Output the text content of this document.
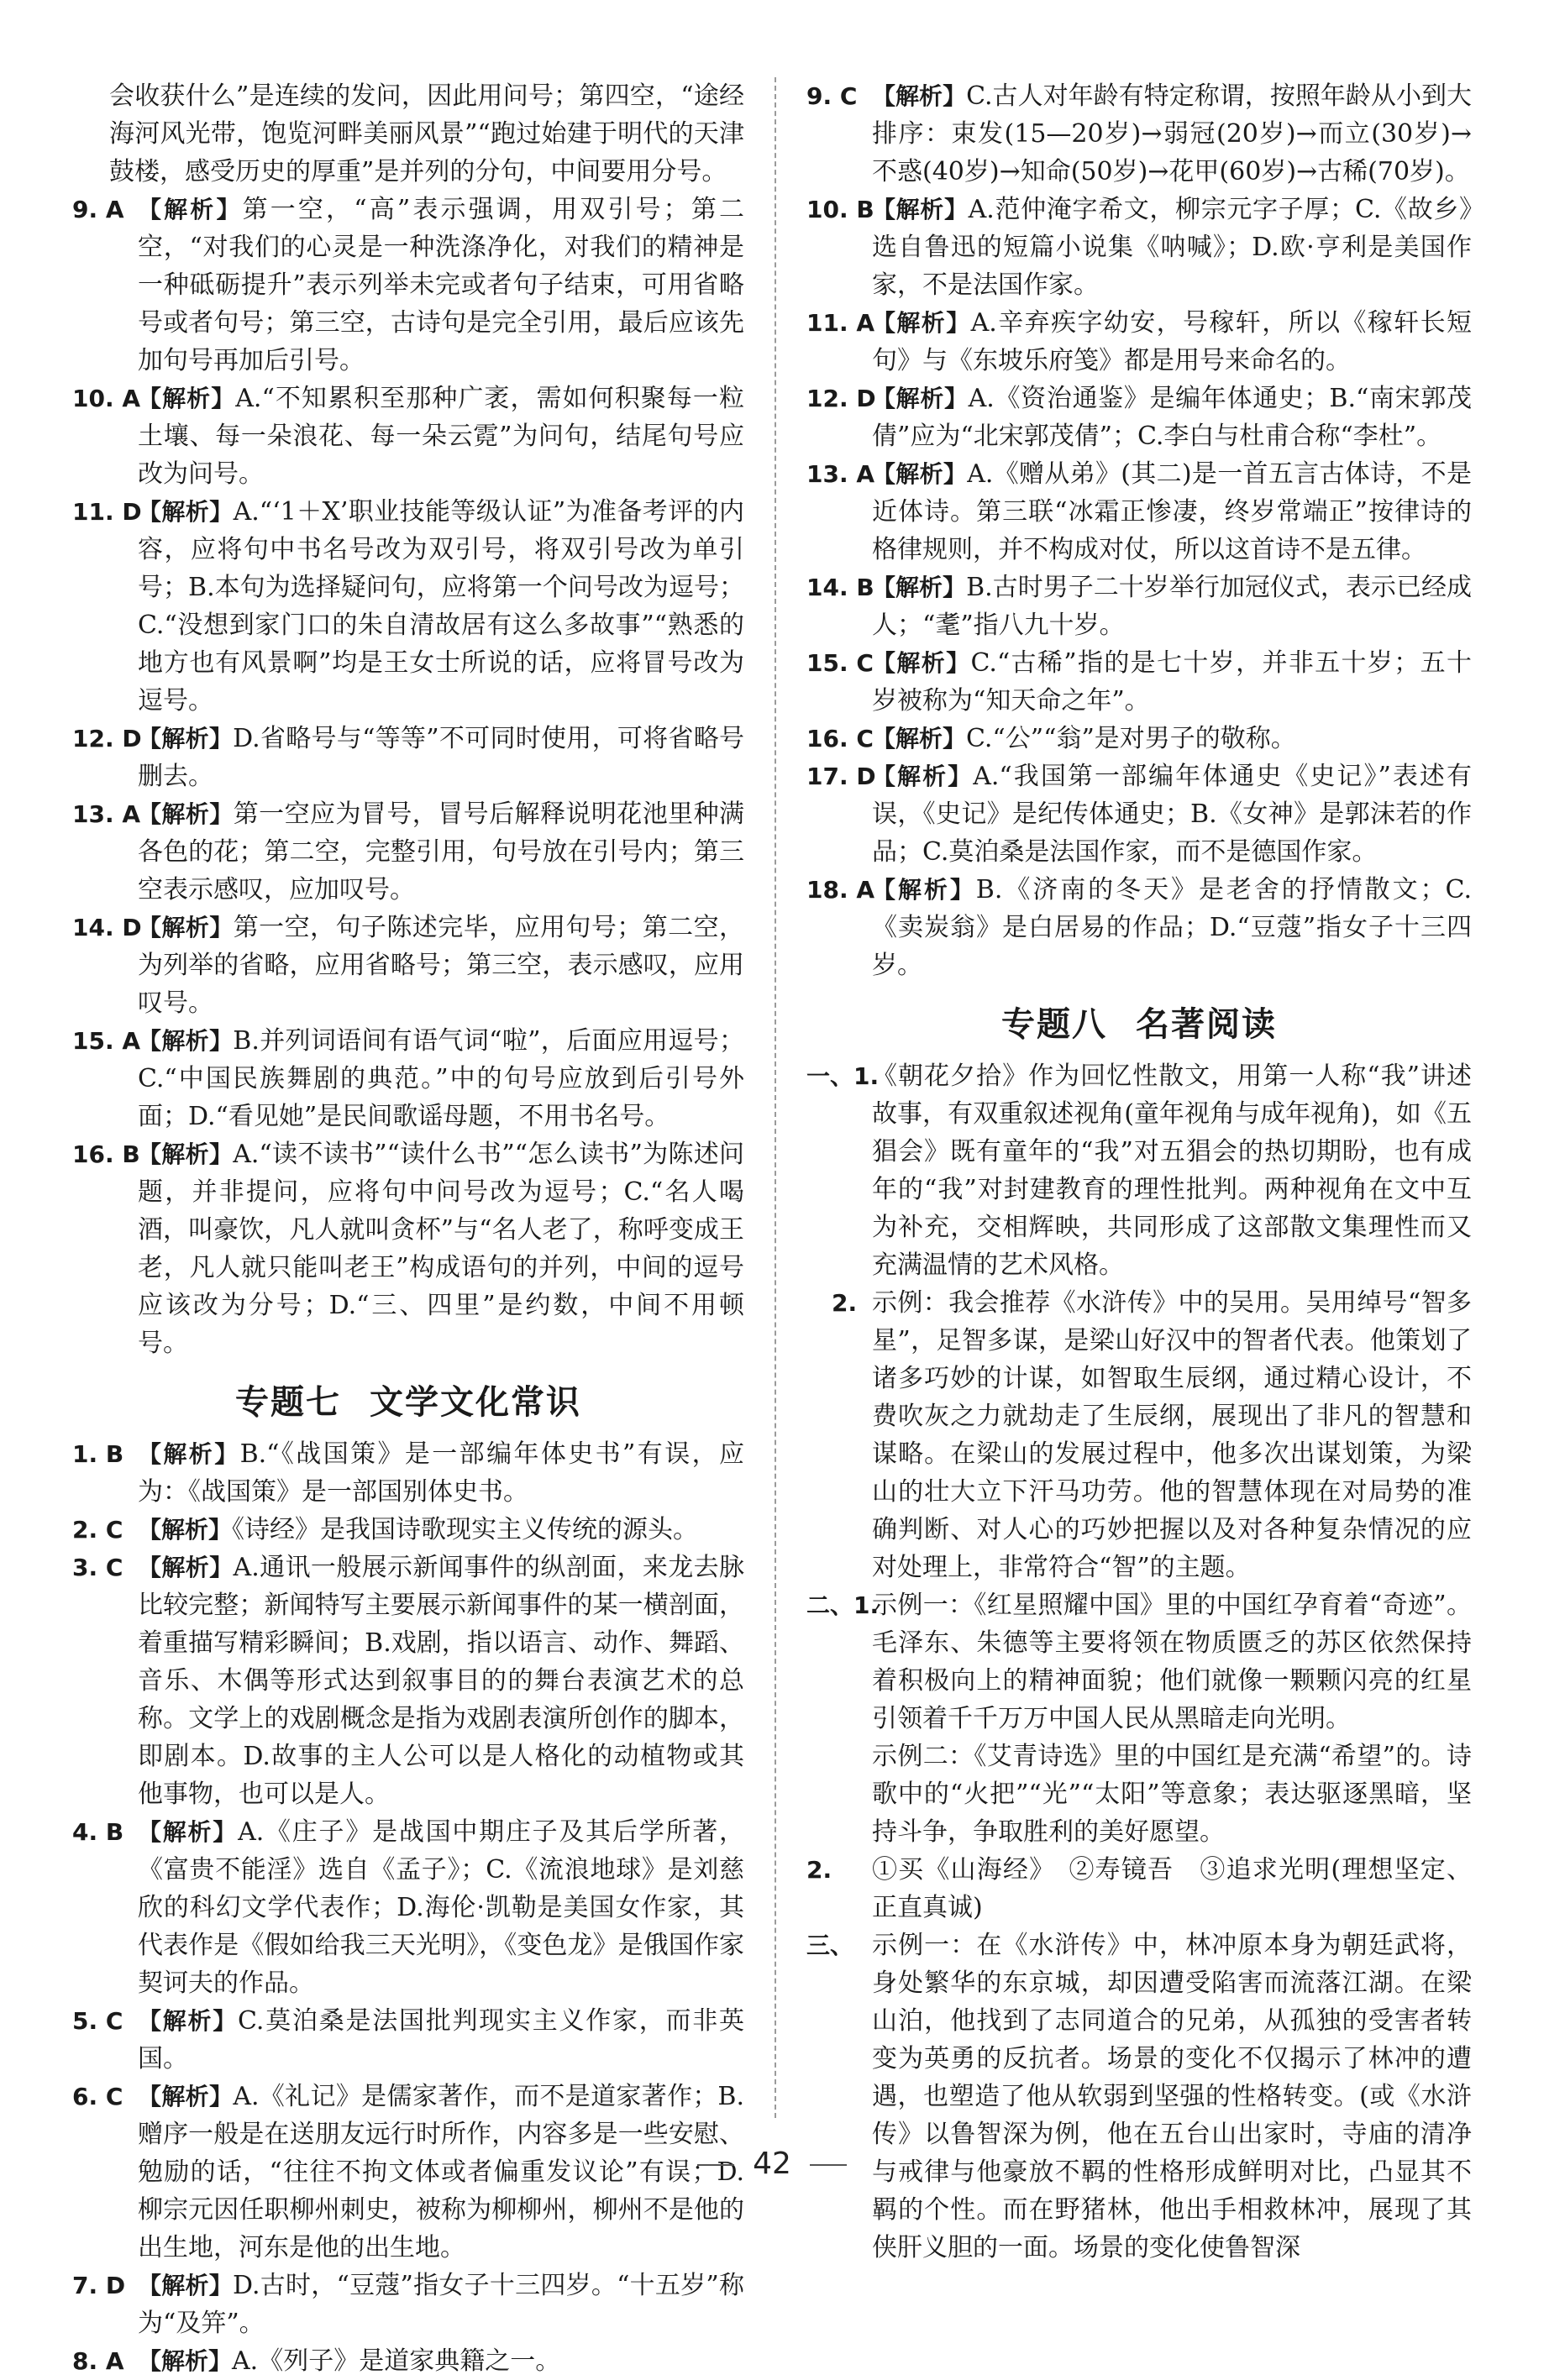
会收获什么”是连续的发问，因此用问号；第四空，“途经海河风光带，饱览河畔美丽风景”“跑过始建于明代的天津鼓楼，感受历史的厚重”是并列的分句，中间要用分号。

9. A 【解析】第一空，“高”表示强调，用双引号；第二空，“对我们的心灵是一种洗涤净化，对我们的精神是一种砥砺提升”表示列举未完或者句子结束，可用省略号或者句号；第三空，古诗句是完全引用，最后应该先加句号再加后引号。

10. A
【解析】A.“不知累积至那种广袤，需如何积聚每一粒土壤、每一朵浪花、每一朵云霓”为问句，结尾句号应改为问号。

11. D
【解析】A.“‘1＋X’职业技能等级认证”为准备考评的内容，应将句中书名号改为双引号，将双引号改为单引号；B.本句为选择疑问句，应将第一个问号改为逗号；C.“没想到家门口的朱自清故居有这么多故事”“熟悉的地方也有风景啊”均是王女士所说的话，应将冒号改为逗号。

12. D
【解析】D.省略号与“等等”不可同时使用，可将省略号删去。

13. A
【解析】第一空应为冒号，冒号后解释说明花池里种满各色的花；第二空，完整引用，句号放在引号内；第三空表示感叹，应加叹号。

14. D
【解析】第一空，句子陈述完毕，应用句号；第二空，为列举的省略，应用省略号；第三空，表示感叹，应用叹号。

15. A
【解析】B.并列词语间有语气词“啦”，后面应用逗号；C.“中国民族舞剧的典范。”中的句号应放到后引号外面；D.“看见她”是民间歌谣母题，不用书名号。

16. B
【解析】A.“读不读书”“读什么书”“怎么读书”为陈述问题，并非提问，应将句中问号改为逗号；C.“名人喝酒，叫豪饮，凡人就叫贪杯”与“名人老了，称呼变成王老，凡人就只能叫老王”构成语句的并列，中间的逗号应该改为分号；D.“三、四里”是约数，中间不用顿号。

专题七 文学文化常识

1. B 【解析】B.“《战国策》是一部编年体史书”有误，应为：《战国策》是一部国别体史书。

2. C 【解析】《诗经》是我国诗歌现实主义传统的源头。

3. C 【解析】A.通讯一般展示新闻事件的纵剖面，来龙去脉比较完整；新闻特写主要展示新闻事件的某一横剖面，着重描写精彩瞬间；B.戏剧，指以语言、动作、舞蹈、音乐、木偶等形式达到叙事目的的舞台表演艺术的总称。文学上的戏剧概念是指为戏剧表演所创作的脚本，即剧本。D.故事的主人公可以是人格化的动植物或其他事物，也可以是人。

4. B 【解析】A.《庄子》是战国中期庄子及其后学所著，《富贵不能淫》选自《孟子》；C.《流浪地球》是刘慈欣的科幻文学代表作；D.海伦·凯勒是美国女作家，其代表作是《假如给我三天光明》，《变色龙》是俄国作家契诃夫的作品。

5. C 【解析】C.莫泊桑是法国批判现实主义作家，而非英国。

6. C 【解析】A.《礼记》是儒家著作，而不是道家著作；B.赠序一般是在送朋友远行时所作，内容多是一些安慰、勉励的话，“往往不拘文体或者偏重发议论”有误；D.柳宗元因任职柳州刺史，被称为柳柳州，柳州不是他的出生地，河东是他的出生地。

7. D 【解析】D.古时，“豆蔻”指女子十三四岁。“十五岁”称为“及笄”。

8. A 【解析】A.《列子》是道家典籍之一。

9. C 【解析】C.古人对年龄有特定称谓，按照年龄从小到大排序：束发(15—20岁)→弱冠(20岁)→而立(30岁)→不惑(40岁)→知命(50岁)→花甲(60岁)→古稀(70岁)。

10. B
【解析】A.范仲淹字希文，柳宗元字子厚；C.《故乡》选自鲁迅的短篇小说集《呐喊》；D.欧·亨利是美国作家，不是法国作家。

11. A
【解析】A.辛弃疾字幼安，号稼轩，所以《稼轩长短句》与《东坡乐府笺》都是用号来命名的。

12. D
【解析】A.《资治通鉴》是编年体通史；B.“南宋郭茂倩”应为“北宋郭茂倩”；C.李白与杜甫合称“李杜”。

13. A
【解析】A.《赠从弟》(其二)是一首五言古体诗，不是近体诗。第三联“冰霜正惨凄，终岁常端正”按律诗的格律规则，并不构成对仗，所以这首诗不是五律。

14. B
【解析】B.古时男子二十岁举行加冠仪式，表示已经成人；“耄”指八九十岁。

15. C
【解析】C.“古稀”指的是七十岁，并非五十岁；五十岁被称为“知天命之年”。

16. C
【解析】C.“公”“翁”是对男子的敬称。

17. D
【解析】A.“我国第一部编年体通史《史记》”表述有误，《史记》是纪传体通史；B.《女神》是郭沫若的作品；C.莫泊桑是法国作家，而不是德国作家。

18. A
【解析】B.《济南的冬天》是老舍的抒情散文；C.《卖炭翁》是白居易的作品；D.“豆蔻”指女子十三四岁。

专题八 名著阅读

一、1.
《朝花夕拾》作为回忆性散文，用第一人称“我”讲述故事，有双重叙述视角(童年视角与成年视角)，如《五猖会》既有童年的“我”对五猖会的热切期盼，也有成年的“我”对封建教育的理性批判。两种视角在文中互为补充，交相辉映，共同形成了这部散文集理性而又充满温情的艺术风格。

2. 示例：我会推荐《水浒传》中的吴用。吴用绰号“智多星”，足智多谋，是梁山好汉中的智者代表。他策划了诸多巧妙的计谋，如智取生辰纲，通过精心设计，不费吹灰之力就劫走了生辰纲，展现出了非凡的智慧和谋略。在梁山的发展过程中，他多次出谋划策，为梁山的壮大立下汗马功劳。他的智慧体现在对局势的准确判断、对人心的巧妙把握以及对各种复杂情况的应对处理上，非常符合“智”的主题。

二、1.
示例一：《红星照耀中国》里的中国红孕育着“奇迹”。毛泽东、朱德等主要将领在物质匮乏的苏区依然保持着积极向上的精神面貌；他们就像一颗颗闪亮的红星引领着千千万万中国人民从黑暗走向光明。

示例二：《艾青诗选》里的中国红是充满“希望”的。诗歌中的“火把”“光”“太阳”等意象；表达驱逐黑暗，坚持斗争，争取胜利的美好愿望。

2. ①买《山海经》　②寿镜吾　③追求光明(理想坚定、正直真诚)

三、 示例一：在《水浒传》中，林冲原本身为朝廷武将，身处繁华的东京城，却因遭受陷害而流落江湖。在梁山泊，他找到了志同道合的兄弟，从孤独的受害者转变为英勇的反抗者。场景的变化不仅揭示了林冲的遭遇，也塑造了他从软弱到坚强的性格转变。(或《水浒传》以鲁智深为例，他在五台山出家时，寺庙的清净与戒律与他豪放不羁的性格形成鲜明对比，凸显其不羁的个性。而在野猪林，他出手相救林冲，展现了其侠肝义胆的一面。场景的变化使鲁智深

42
